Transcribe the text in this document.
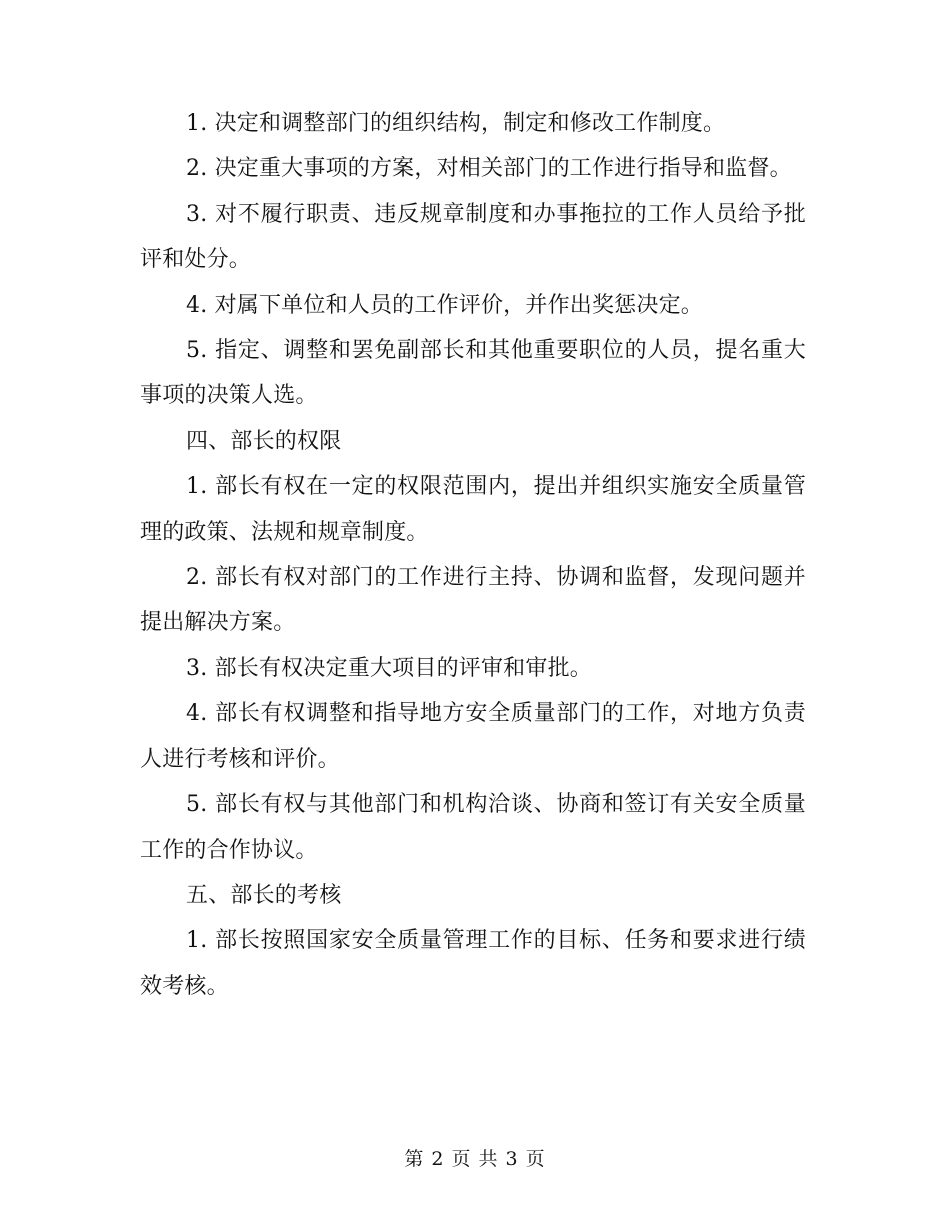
1. 决定和调整部门的组织结构，制定和修改工作制度。

2. 决定重大事项的方案，对相关部门的工作进行指导和监督。

3. 对不履行职责、违反规章制度和办事拖拉的工作人员给予批评和处分。

4. 对属下单位和人员的工作评价，并作出奖惩决定。

5. 指定、调整和罢免副部长和其他重要职位的人员，提名重大事项的决策人选。

四、部长的权限

1. 部长有权在一定的权限范围内，提出并组织实施安全质量管理的政策、法规和规章制度。

2. 部长有权对部门的工作进行主持、协调和监督，发现问题并提出解决方案。

3. 部长有权决定重大项目的评审和审批。

4. 部长有权调整和指导地方安全质量部门的工作，对地方负责人进行考核和评价。

5. 部长有权与其他部门和机构洽谈、协商和签订有关安全质量工作的合作协议。

五、部长的考核

1. 部长按照国家安全质量管理工作的目标、任务和要求进行绩效考核。

第 2 页 共 3 页
